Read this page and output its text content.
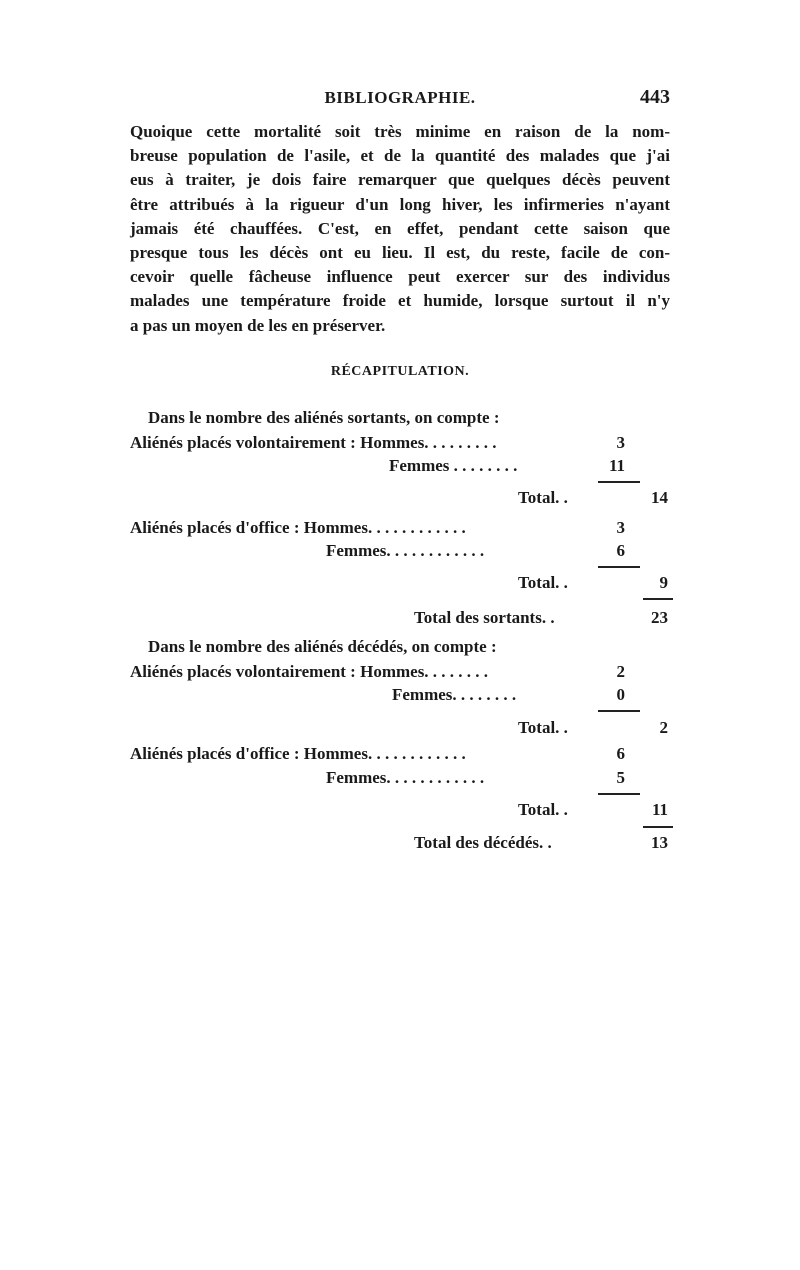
BIBLIOGRAPHIE.	443
Quoique cette mortalité soit très minime en raison de la nom-
breuse population de l'asile, et de la quantité des malades que j'ai
eus à traiter, je dois faire remarquer que quelques décès peuvent
être attribués à la rigueur d'un long hiver, les infirmeries n'ayant
jamais été chauffées. C'est, en effet, pendant cette saison que
presque tous les décès ont eu lieu. Il est, du reste, facile de con-
cevoir quelle fâcheuse influence peut exercer sur des individus
malades une température froide et humide, lorsque surtout il n'y
a pas un moyen de les en préserver.
RÉCAPITULATION.
Dans le nombre des aliénés sortants, on compte :
Aliénés placés volontairement : Hommes. . . . . . . . .	3
Femmes . . . . . . . .	11
Total. .	14
Aliénés placés d'office : Hommes. . . . . . . . . . . .	3
Femmes. . . . . . . . . . . .	6
Total. .	9
Total des sortants. .	23
Dans le nombre des aliénés décédés, on compte :
Aliénés placés volontairement : Hommes. . . . . . . .	2
Femmes. . . . . . . .	0
Total. .	2
Aliénés placés d'office : Hommes. . . . . . . . . . . .	6
Femmes. . . . . . . . . . . .	5
Total. .	11
Total des décédés. .	13
